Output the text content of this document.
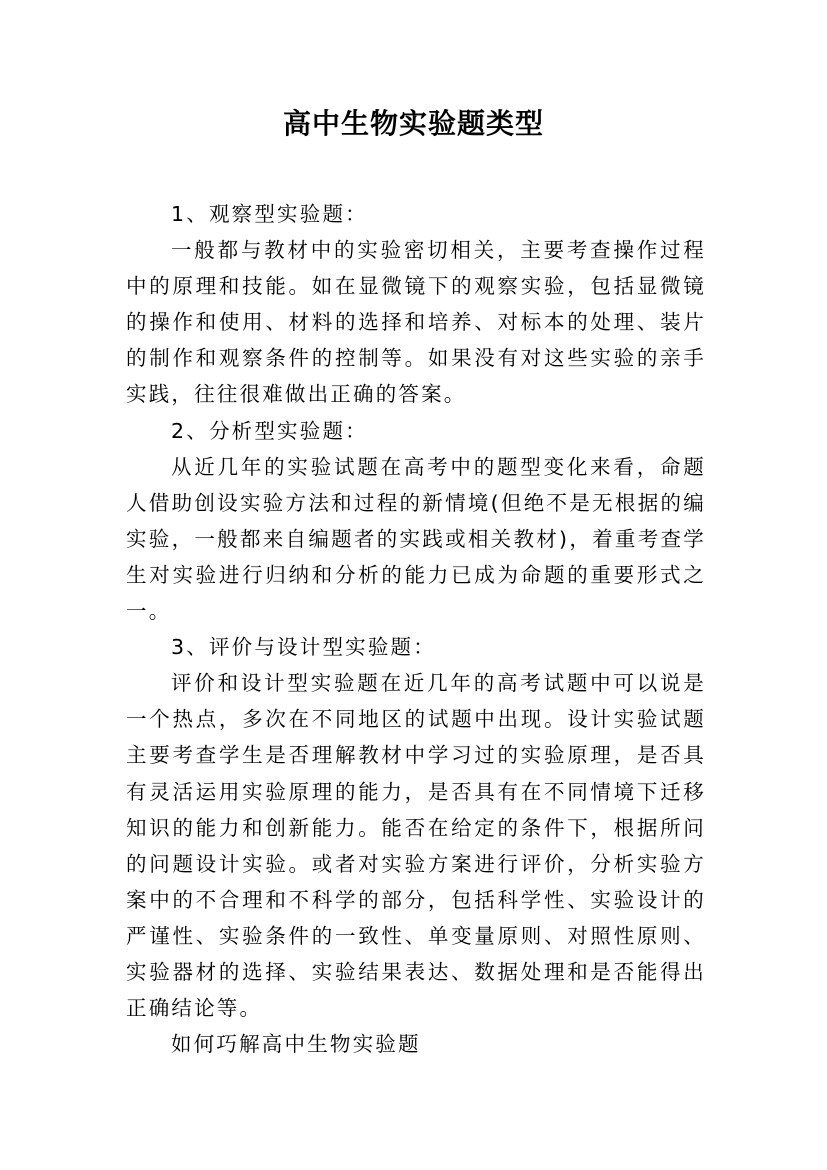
高中生物实验题类型

1、观察型实验题：

一般都与教材中的实验密切相关，主要考查操作过程中的原理和技能。如在显微镜下的观察实验，包括显微镜的操作和使用、材料的选择和培养、对标本的处理、装片的制作和观察条件的控制等。如果没有对这些实验的亲手实践，往往很难做出正确的答案。

2、分析型实验题：

从近几年的实验试题在高考中的题型变化来看，命题人借助创设实验方法和过程的新情境(但绝不是无根据的编实验，一般都来自编题者的实践或相关教材)，着重考查学生对实验进行归纳和分析的能力已成为命题的重要形式之一。

3、评价与设计型实验题：

评价和设计型实验题在近几年的高考试题中可以说是一个热点，多次在不同地区的试题中出现。设计实验试题主要考查学生是否理解教材中学习过的实验原理，是否具有灵活运用实验原理的能力，是否具有在不同情境下迁移知识的能力和创新能力。能否在给定的条件下，根据所问的问题设计实验。或者对实验方案进行评价，分析实验方案中的不合理和不科学的部分，包括科学性、实验设计的严谨性、实验条件的一致性、单变量原则、对照性原则、实验器材的选择、实验结果表达、数据处理和是否能得出正确结论等。

如何巧解高中生物实验题
